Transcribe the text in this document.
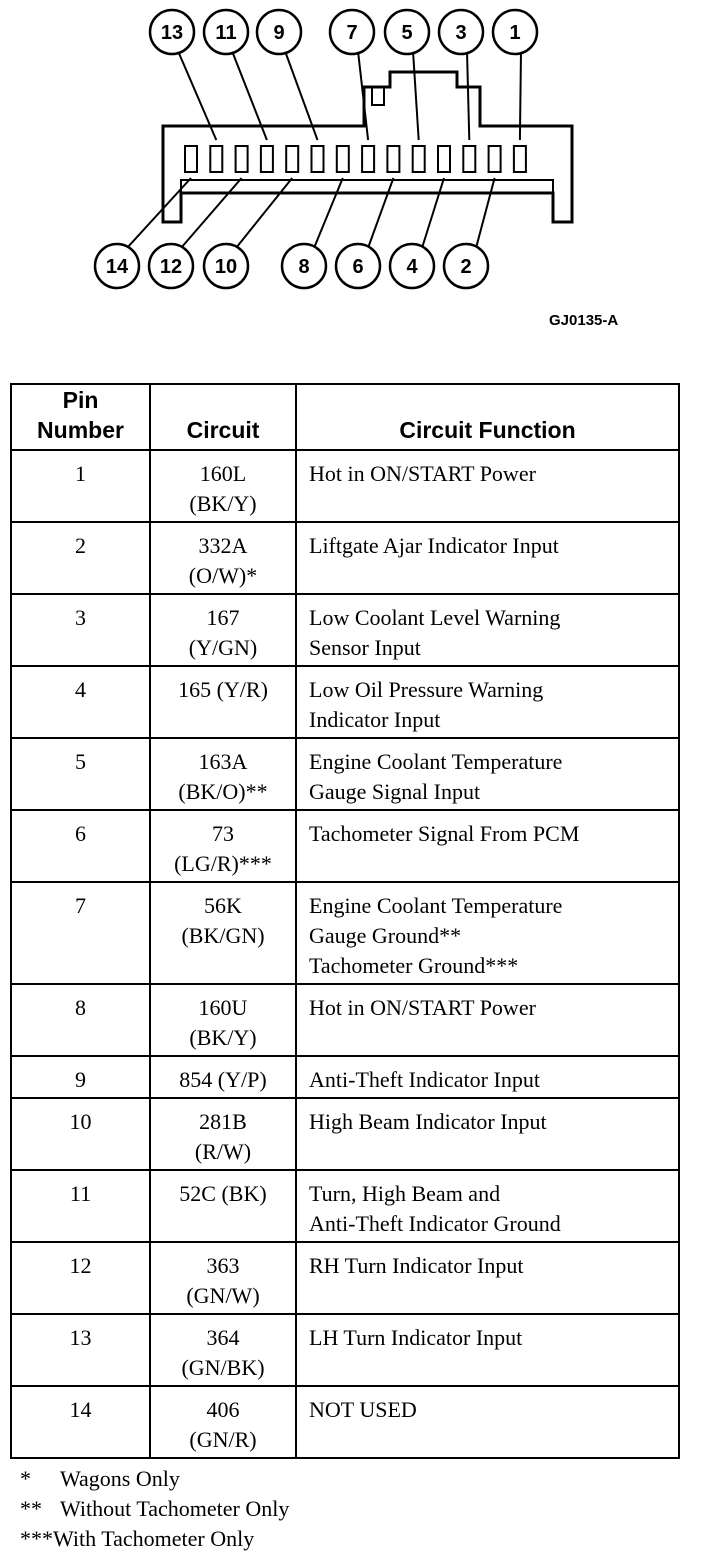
13 11 9	7 5 3 1
14 12 10	8 6 4 2
GJ0135-A
Pin
Number	Circuit	Circuit Function
1	160L
(BK/Y)	Hot in ON/START Power

2	332A
(O/W)*	Liftgate Ajar Indicator Input

3	167
(Y/GN)	Low Coolant Level Warning
Sensor Input

4	165 (Y/R)	Low Oil Pressure Warning
Indicator Input

5	163A
(BK/O)**	Engine Coolant Temperature
Gauge Signal Input

6	73
(LG/R)***	Tachometer Signal From PCM

7	56K
(BK/GN)	Engine Coolant Temperature
Gauge Ground**
Tachometer Ground***

8	160U
(BK/Y)	Hot in ON/START Power

9	854 (Y/P)	Anti-Theft Indicator Input

10	281B
(R/W)	High Beam Indicator Input

11	52C (BK)	Turn, High Beam and
Anti-Theft Indicator Ground

12	363
(GN/W)	RH Turn Indicator Input

13	364
(GN/BK)	LH Turn Indicator Input

14	406
(GN/R)	NOT USED
*	Wagons Only
** Without Tachometer Only
*** With Tachometer Only
